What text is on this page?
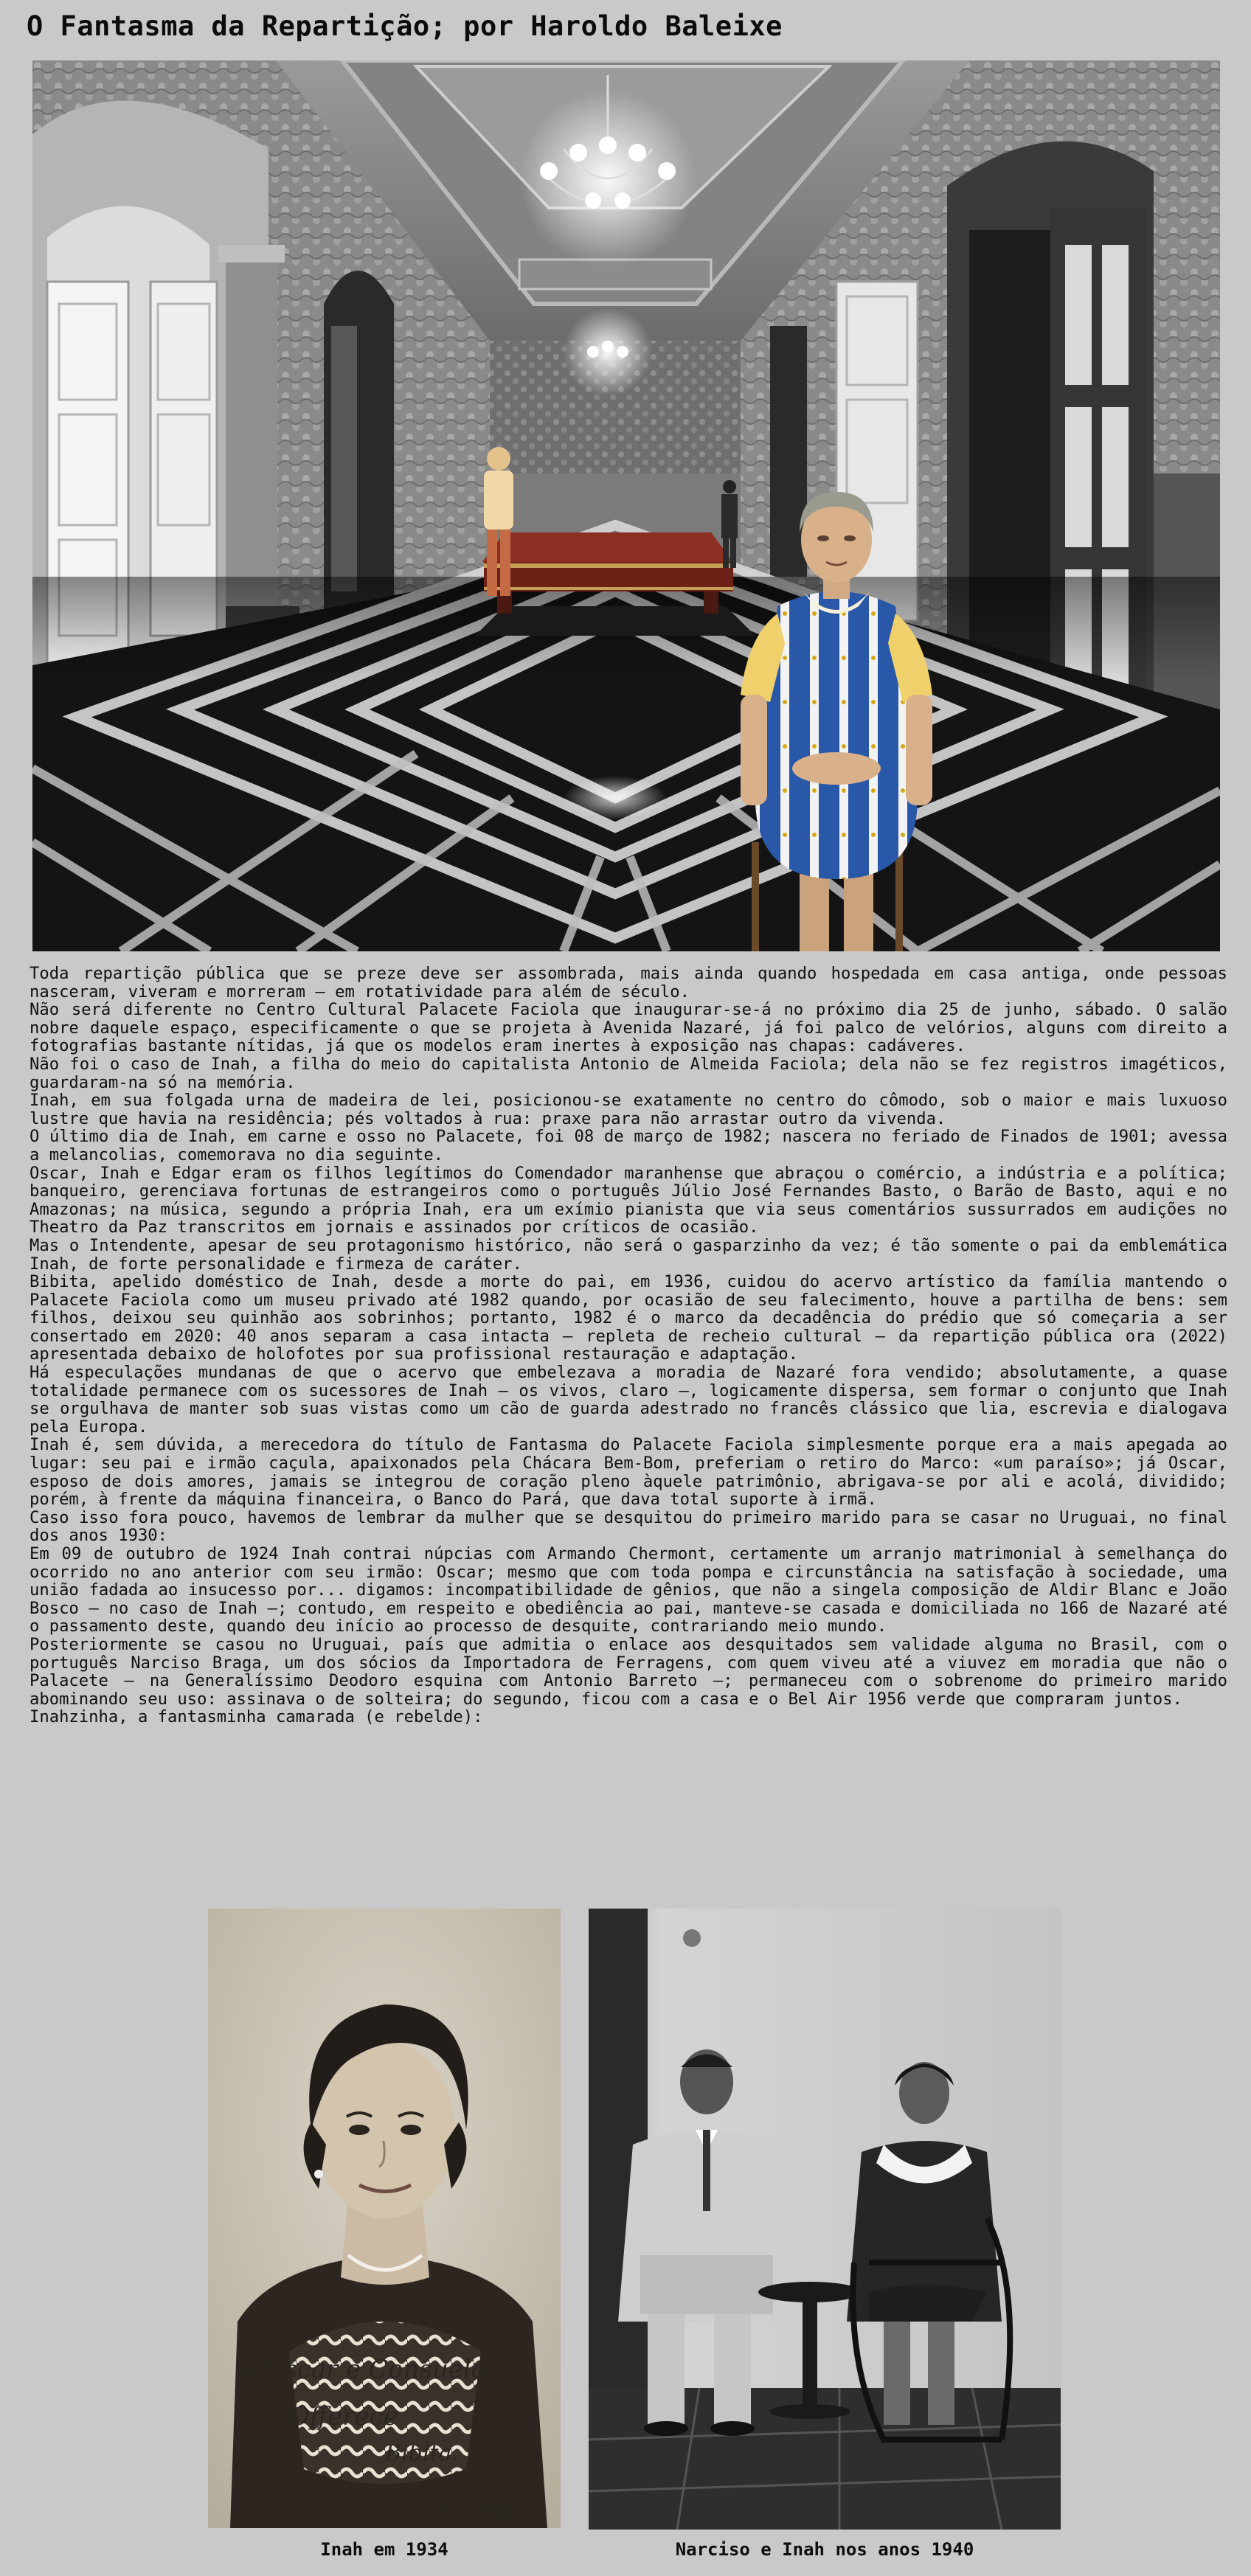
O Fantasma da Repartição; por Haroldo Baleixe

Toda repartição pública que se preze deve ser assombrada, mais ainda quando hospedada em casa antiga, onde pessoas nasceram, viveram e morreram – em rotatividade para além de século.

Não será diferente no Centro Cultural Palacete Faciola que inaugurar-se-á no próximo dia 25 de junho, sábado. O salão nobre daquele espaço, especificamente o que se projeta à Avenida Nazaré, já foi palco de velórios, alguns com direito a fotografias bastante nítidas, já que os modelos eram inertes à exposição nas chapas: cadáveres.

Não foi o caso de Inah, a filha do meio do capitalista Antonio de Almeida Faciola; dela não se fez registros imagéticos, guardaram-na só na memória.

Inah, em sua folgada urna de madeira de lei, posicionou-se exatamente no centro do cômodo, sob o maior e mais luxuoso lustre que havia na residência; pés voltados à rua: praxe para não arrastar outro da vivenda.

O último dia de Inah, em carne e osso no Palacete, foi 08 de março de 1982; nascera no feriado de Finados de 1901; avessa a melancolias, comemorava no dia seguinte.

Oscar, Inah e Edgar eram os filhos legítimos do Comendador maranhense que abraçou o comércio, a indústria e a política; banqueiro, gerenciava fortunas de estrangeiros como o português Júlio José Fernandes Basto, o Barão de Basto, aqui e no Amazonas; na música, segundo a própria Inah, era um exímio pianista que via seus comentários sussurrados em audições no Theatro da Paz transcritos em jornais e assinados por críticos de ocasião.

Mas o Intendente, apesar de seu protagonismo histórico, não será o gasparzinho da vez; é tão somente o pai da emblemática Inah, de forte personalidade e firmeza de caráter.

Bibita, apelido doméstico de Inah, desde a morte do pai, em 1936, cuidou do acervo artístico da família mantendo o Palacete Faciola como um museu privado até 1982 quando, por ocasião de seu falecimento, houve a partilha de bens: sem filhos, deixou seu quinhão aos sobrinhos; portanto, 1982 é o marco da decadência do prédio que só começaria a ser consertado em 2020: 40 anos separam a casa intacta – repleta de recheio cultural – da repartição pública ora (2022) apresentada debaixo de holofotes por sua profissional restauração e adaptação.

Há especulações mundanas de que o acervo que embelezava a moradia de Nazaré fora vendido; absolutamente, a quase totalidade permanece com os sucessores de Inah – os vivos, claro –, logicamente dispersa, sem formar o conjunto que Inah se orgulhava de manter sob suas vistas como um cão de guarda adestrado no francês clássico que lia, escrevia e dialogava pela Europa.

Inah é, sem dúvida, a merecedora do título de Fantasma do Palacete Faciola simplesmente porque era a mais apegada ao lugar: seu pai e irmão caçula, apaixonados pela Chácara Bem-Bom, preferiam o retiro do Marco: «um paraíso»; já Oscar, esposo de dois amores, jamais se integrou de coração pleno àquele patrimônio, abrigava-se por ali e acolá, dividido; porém, à frente da máquina financeira, o Banco do Pará, que dava total suporte à irmã.

Caso isso fora pouco, havemos de lembrar da mulher que se desquitou do primeiro marido para se casar no Uruguai, no final dos anos 1930:

Em 09 de outubro de 1924 Inah contrai núpcias com Armando Chermont, certamente um arranjo matrimonial à semelhança do ocorrido no ano anterior com seu irmão: Oscar; mesmo que com toda pompa e circunstância na satisfação à sociedade, uma união fadada ao insucesso por... digamos: incompatibilidade de gênios, que não a singela composição de Aldir Blanc e João Bosco – no caso de Inah –; contudo, em respeito e obediência ao pai, manteve-se casada e domiciliada no 166 de Nazaré até o passamento deste, quando deu início ao processo de desquite, contrariando meio mundo.

Posteriormente se casou no Uruguai, país que admitia o enlace aos desquitados sem validade alguma no Brasil, com o português Narciso Braga, um dos sócios da Importadora de Ferragens, com quem viveu até a viuvez em moradia que não o Palacete – na Generalíssimo Deodoro esquina com Antonio Barreto –; permaneceu com o sobrenome do primeiro marido abominando seu uso: assinava o de solteira; do segundo, ficou com a casa e o Bel Air 1956 verde que compraram juntos.

Inahzinha, a fantasminha camarada (e rebelde):

À Oscar e Consuelo
Offerece
Bibita.
21-I-934
Inah em 1934	Narciso e Inah nos anos 1940
